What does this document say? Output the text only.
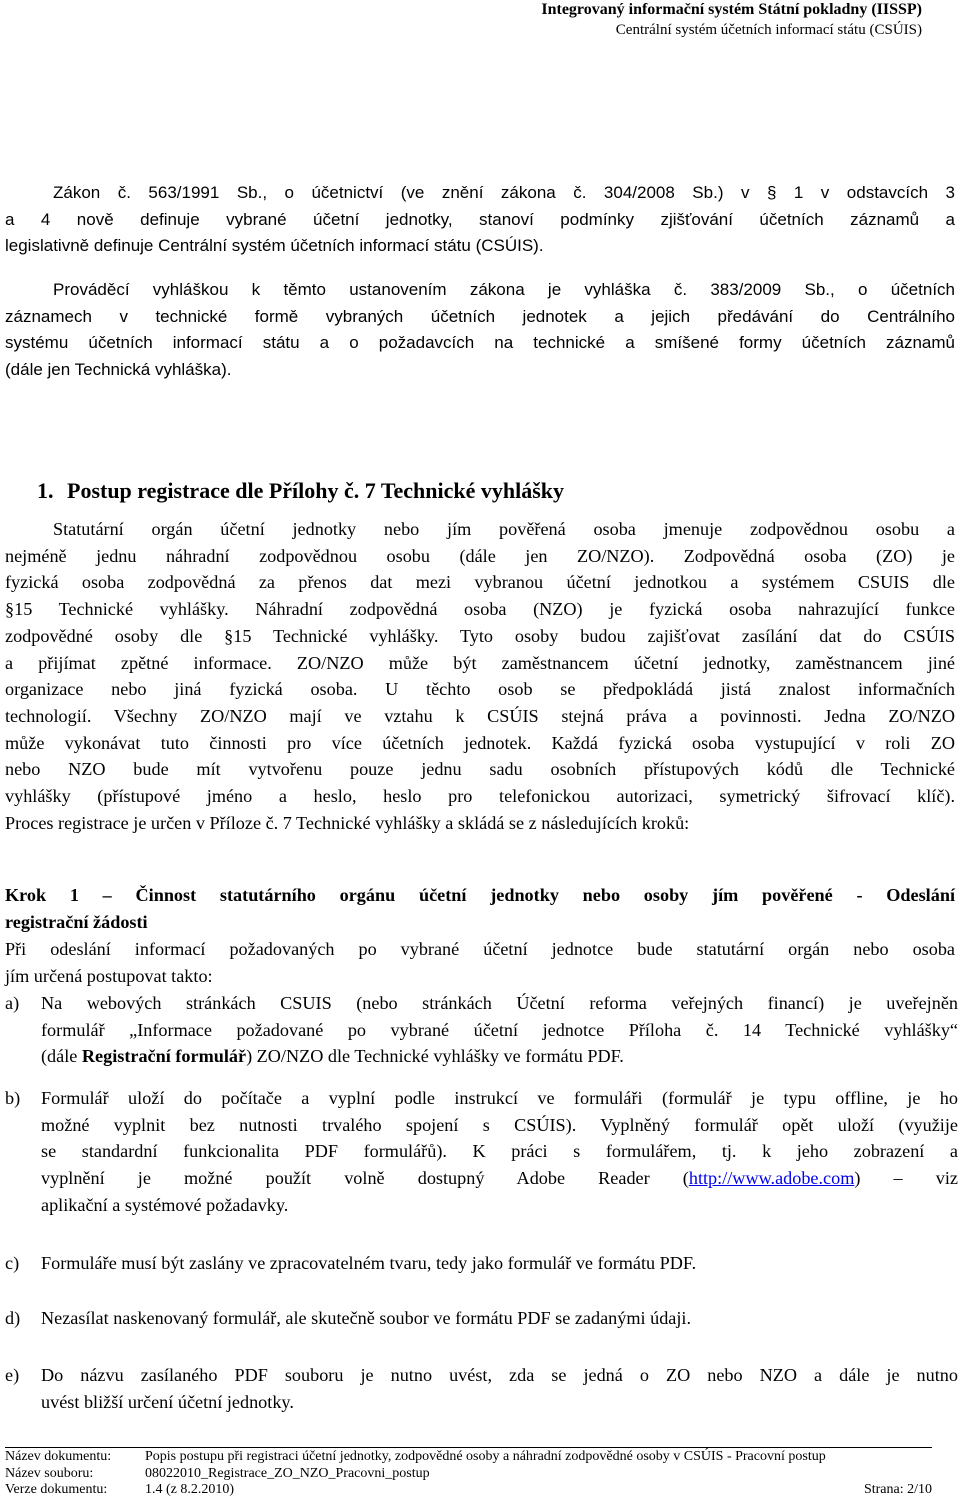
Integrovaný informační systém Státní pokladny (IISSP)
Centrální systém účetních informací státu (CSÚIS)
Zákon č. 563/1991 Sb., o účetnictví (ve znění zákona č. 304/2008 Sb.) v § 1 v odstavcích 3
a 4 nově definuje vybrané účetní jednotky, stanoví podmínky zjišťování účetních záznamů a
legislativně definuje Centrální systém účetních informací státu (CSÚIS).
Prováděcí vyhláškou k těmto ustanovením zákona je vyhláška č. 383/2009 Sb., o účetních
záznamech v technické formě vybraných účetních jednotek a jejich předávání do Centrálního
systému účetních informací státu a o požadavcích na technické a smíšené formy účetních záznamů
(dále jen Technická vyhláška).
1. Postup registrace dle Přílohy č. 7 Technické vyhlášky
Statutární orgán účetní jednotky nebo jím pověřená osoba jmenuje zodpovědnou osobu a
nejméně jednu náhradní zodpovědnou osobu (dále jen ZO/NZO). Zodpovědná osoba (ZO) je
fyzická osoba zodpovědná za přenos dat mezi vybranou účetní jednotkou a systémem CSUIS dle
§15 Technické vyhlášky. Náhradní zodpovědná osoba (NZO) je fyzická osoba nahrazující funkce
zodpovědné osoby dle §15 Technické vyhlášky. Tyto osoby budou zajišťovat zasílání dat do CSÚIS
a přijímat zpětné informace. ZO/NZO může být zaměstnancem účetní jednotky, zaměstnancem jiné
organizace nebo jiná fyzická osoba. U těchto osob se předpokládá jistá znalost informačních
technologií. Všechny ZO/NZO mají ve vztahu k CSÚIS stejná práva a povinnosti. Jedna ZO/NZO
může vykonávat tuto činnosti pro více účetních jednotek. Každá fyzická osoba vystupující v roli ZO
nebo NZO bude mít vytvořenu pouze jednu sadu osobních přístupových kódů dle Technické
vyhlášky (přístupové jméno a heslo, heslo pro telefonickou autorizaci, symetrický šifrovací klíč).
Proces registrace je určen v Příloze č. 7 Technické vyhlášky a skládá se z následujících kroků:
Krok 1 – Činnost statutárního orgánu účetní jednotky nebo osoby jím pověřené - Odeslání
registrační žádosti
Při odeslání informací požadovaných po vybrané účetní jednotce bude statutární orgán nebo osoba
jím určená postupovat takto:
a)	Na webových stránkách CSUIS (nebo stránkách Účetní reforma veřejných financí) je uveřejněn
formulář „Informace požadované po vybrané účetní jednotce Příloha č. 14 Technické vyhlášky“
(dále Registrační formulář) ZO/NZO dle Technické vyhlášky ve formátu PDF.
b)	Formulář uloží do počítače a vyplní podle instrukcí ve formuláři (formulář je typu offline, je ho
možné vyplnit bez nutnosti trvalého spojení s CSÚIS). Vyplněný formulář opět uloží (využije
se standardní funkcionalita PDF formulářů). K práci s formulářem, tj. k jeho zobrazení a
vyplnění je možné použít volně dostupný Adobe Reader (http://www.adobe.com) – viz
aplikační a systémové požadavky.
c)	Formuláře musí být zaslány ve zpracovatelném tvaru, tedy jako formulář ve formátu PDF.
d)	Nezasílat naskenovaný formulář, ale skutečně soubor ve formátu PDF se zadanými údaji.
e)	Do názvu zasílaného PDF souboru je nutno uvést, zda se jedná o ZO nebo NZO a dále je nutno
uvést bližší určení účetní jednotky.
Název dokumentu:	Popis postupu při registraci účetní jednotky, zodpovědné osoby a náhradní zodpovědné osoby v CSÚIS - Pracovní postup
Název souboru:	08022010_Registrace_ZO_NZO_Pracovni_postup
Verze dokumentu:	1.4 (z 8.2.2010)	Strana: 2/10
